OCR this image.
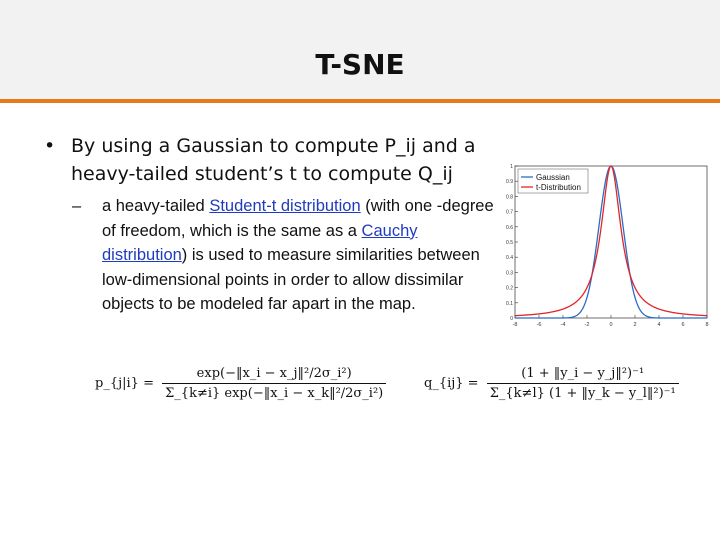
T-SNE
• By using a Gaussian to compute P_ij and a heavy-tailed student’s t to compute Q_ij
– a heavy-tailed Student-t distribution (with one -degree of freedom, which is the same as a Cauchy distribution) is used to measure similarities between low-dimensional points in order to allow dissimilar objects to be modeled far apart in the map.
-8	-6	-4	-2	0	2	4	6	8
0
0.1
0.2
0.3
0.4
0.5
0.6
0.7
0.8
0.9
1
Gaussian
t-Distribution
p_{j|i} = $\frac{\text{exp(−‖x\_i − x\_j‖²/2σ\_i²)}}{\text{Σ\_\{k≠i\} exp(−‖x\_i − x\_k‖²/2σ\_i²)}}$	q_{ij} = $\frac{\text{(1 + ‖y\_i − y\_j‖²)⁻¹}}{\text{Σ\_\{k≠l\} (1 + ‖y\_k − y\_l‖²)⁻¹}}$
